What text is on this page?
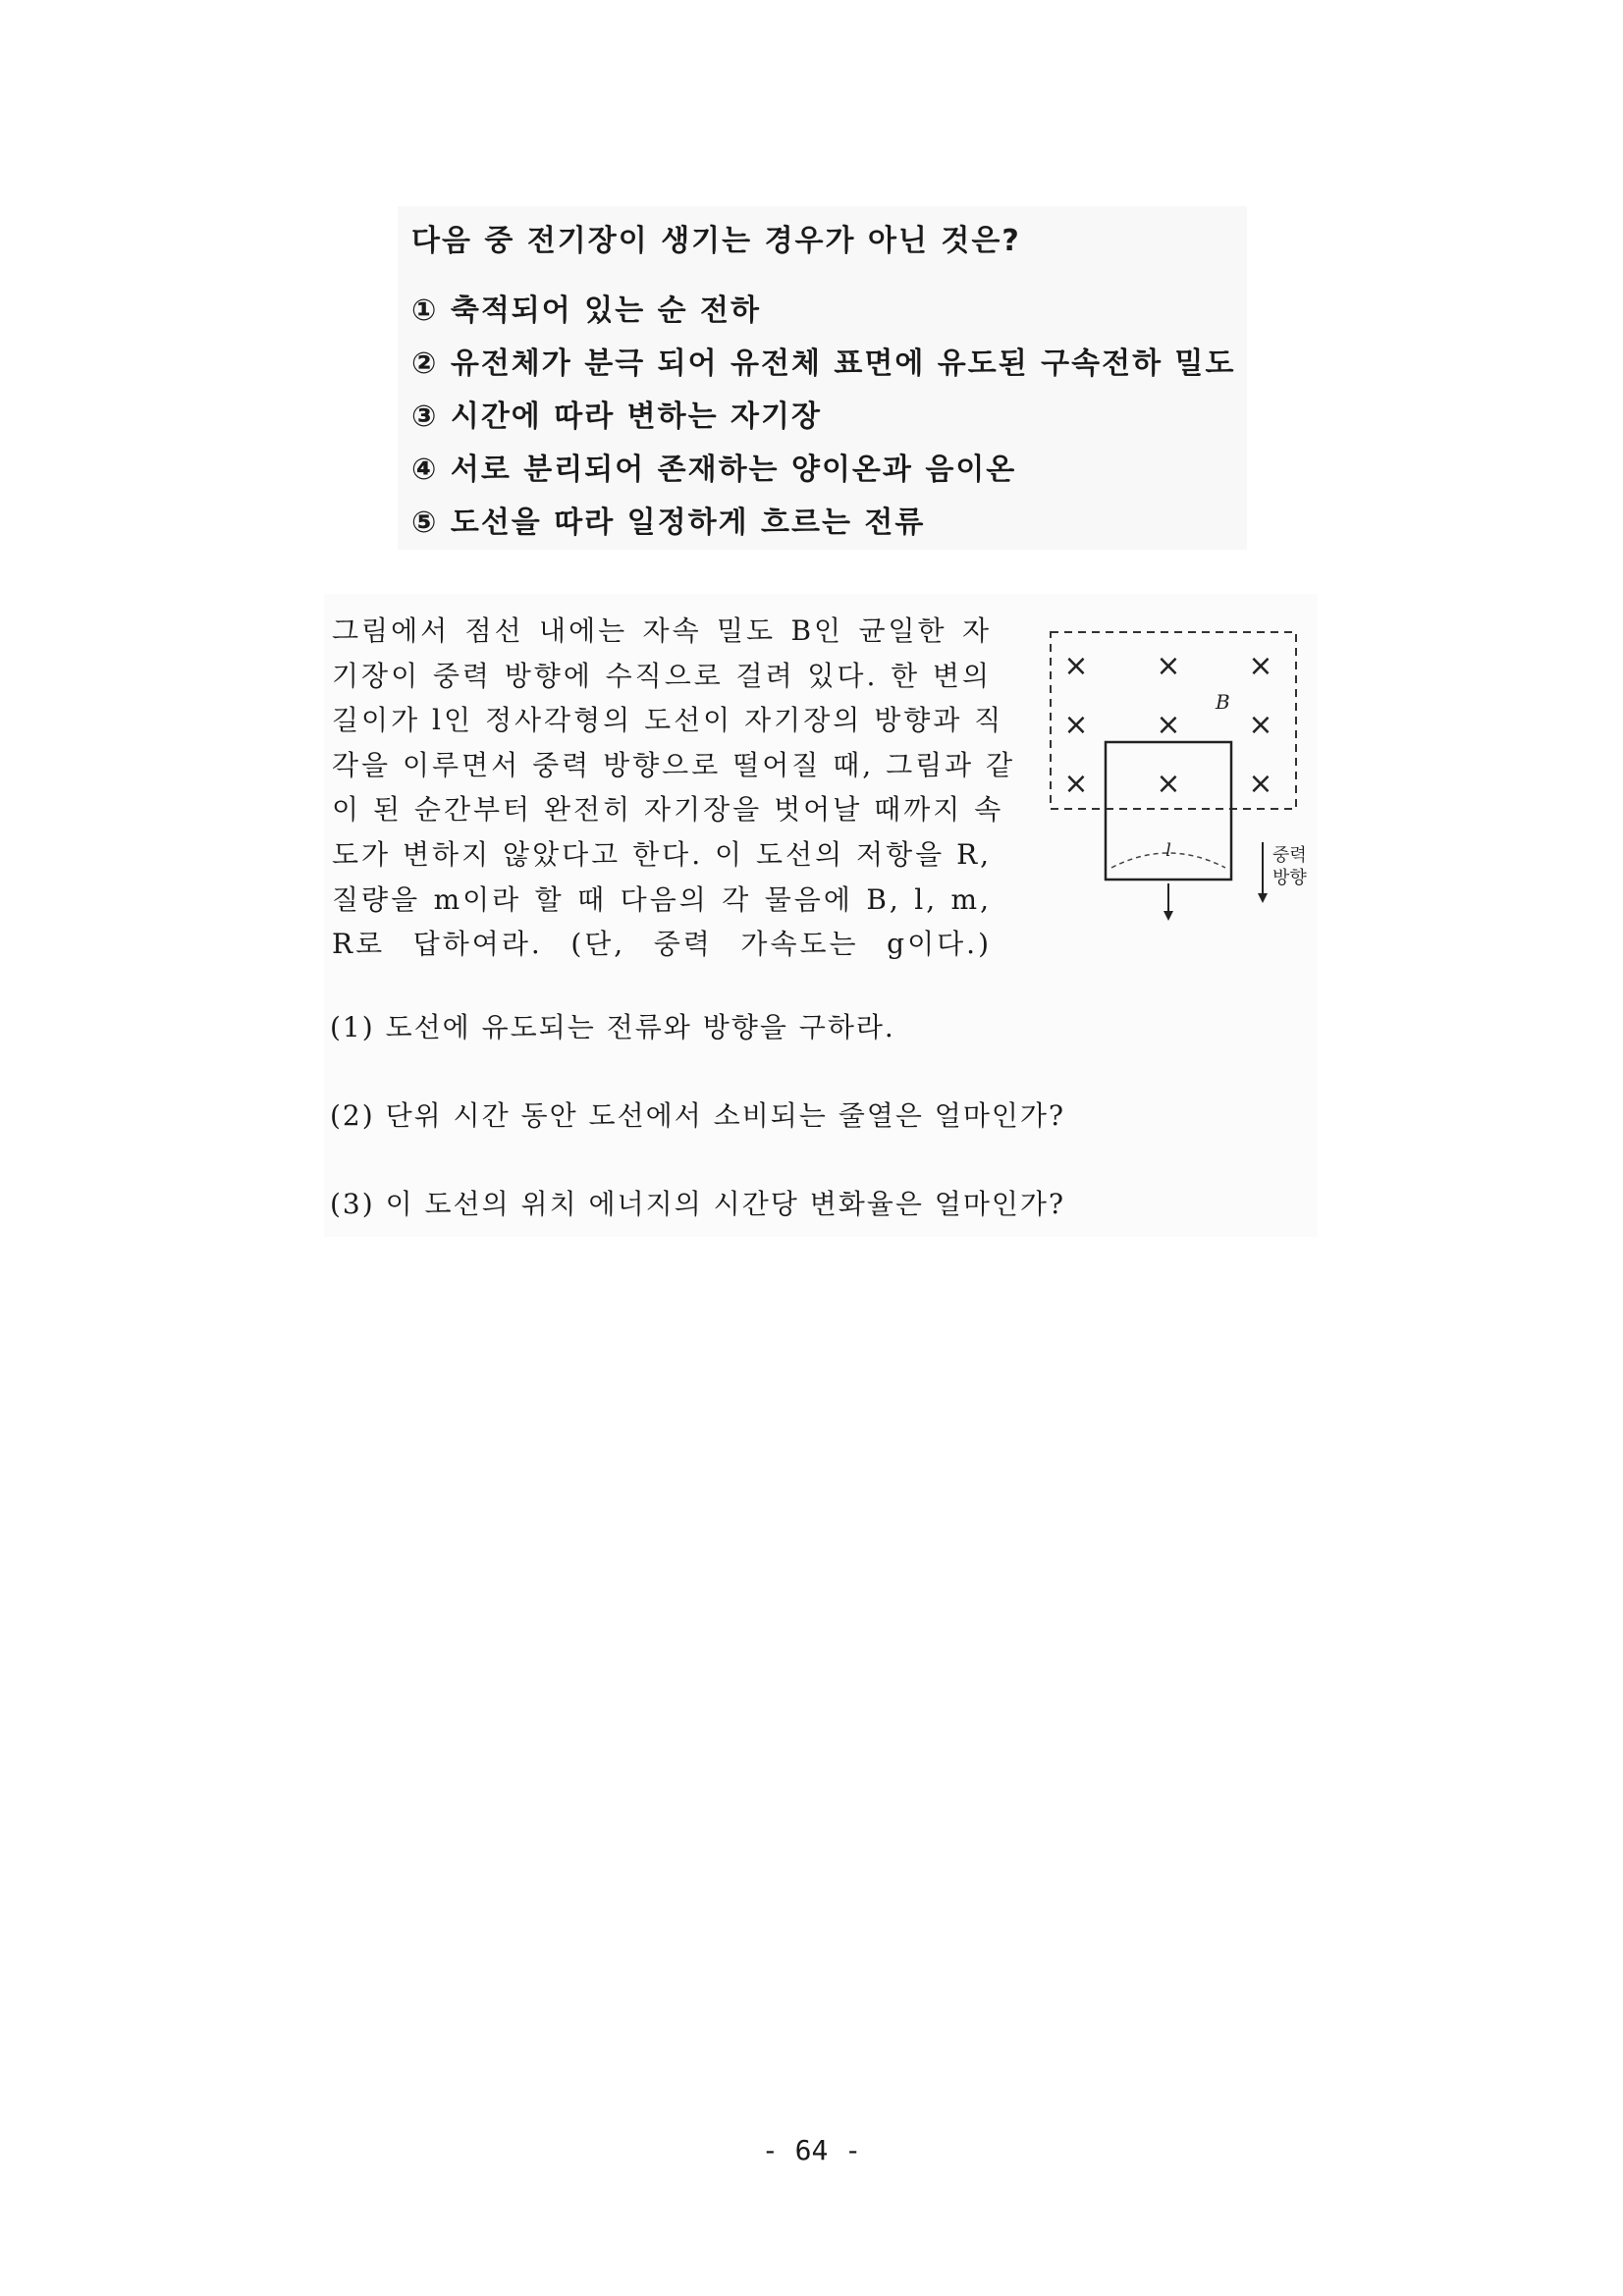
다음 중 전기장이 생기는 경우가 아닌 것은?
① 축적되어 있는 순 전하
② 유전체가 분극 되어 유전체 표면에 유도된 구속전하 밀도
③ 시간에 따라 변하는 자기장
④ 서로 분리되어 존재하는 양이온과 음이온
⑤ 도선을 따라 일정하게 흐르는 전류
그림에서 점선 내에는 자속 밀도 B인 균일한 자
기장이 중력 방향에 수직으로 걸려 있다. 한 변의
길이가 l인 정사각형의 도선이 자기장의 방향과 직
각을 이루면서 중력 방향으로 떨어질 때, 그림과 같
이 된 순간부터 완전히 자기장을 벗어날 때까지 속
도가 변하지 않았다고 한다. 이 도선의 저항을 R,
질량을 m이라 할 때 다음의 각 물음에 B, l, m,
R로 답하여라. (단, 중력 가속도는 g이다.)
× × ×
× × ×
× × ×
B
l	중력
방향
(1) 도선에 유도되는 전류와 방향을 구하라.
(2) 단위 시간 동안 도선에서 소비되는 줄열은 얼마인가?
(3) 이 도선의 위치 에너지의 시간당 변화율은 얼마인가?
- 64 -
